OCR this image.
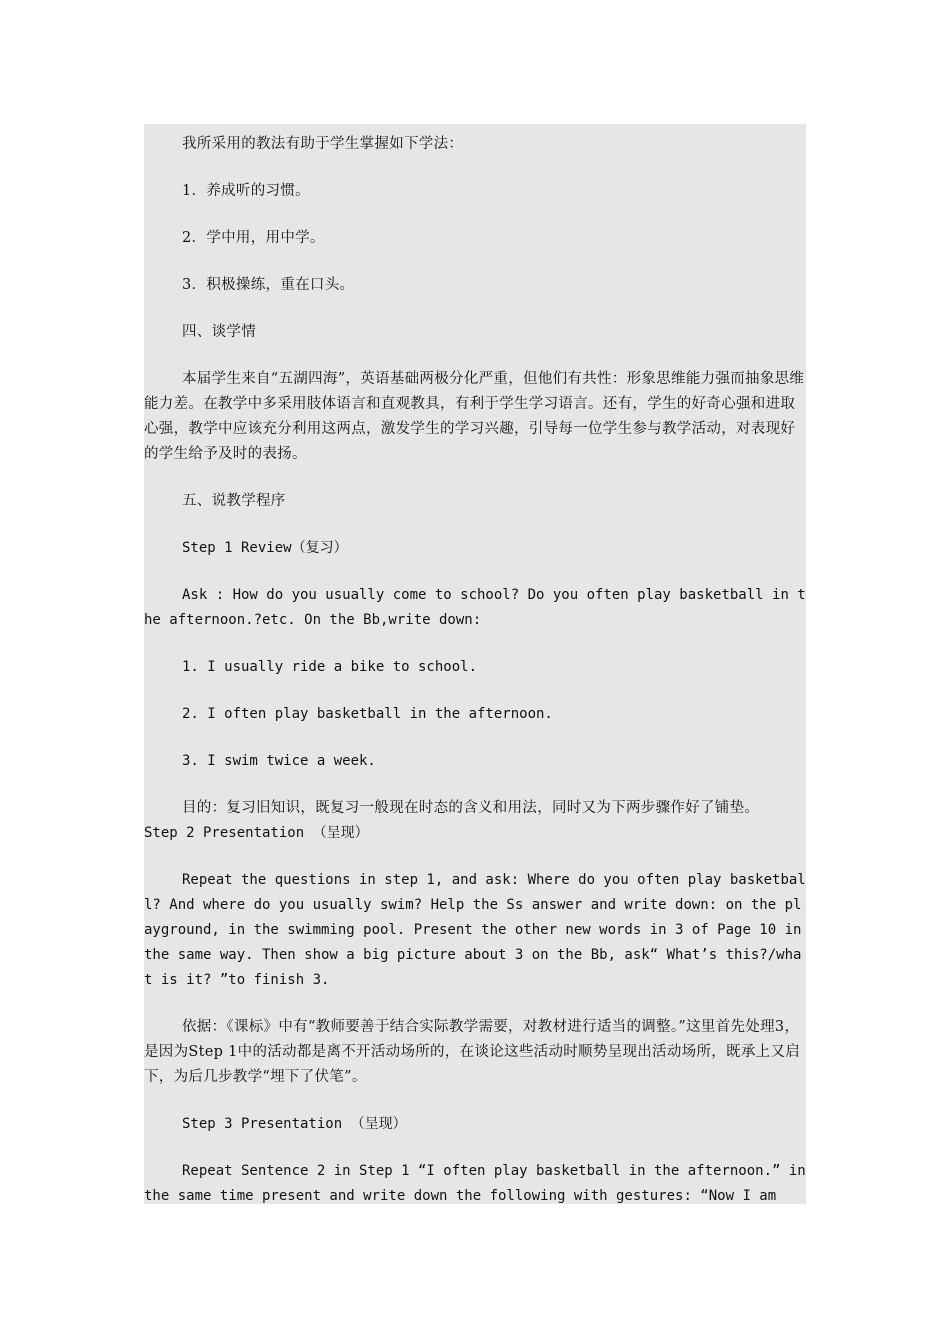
我所采用的教法有助于学生掌握如下学法：

1．养成听的习惯。

2．学中用，用中学。

3．积极操练，重在口头。

四、谈学情

本届学生来自“五湖四海”，英语基础两极分化严重，但他们有共性：形象思维能力强而抽象思维能力差。在教学中多采用肢体语言和直观教具，有利于学生学习语言。还有，学生的好奇心强和进取心强，教学中应该充分利用这两点，激发学生的学习兴趣，引导每一位学生参与教学活动，对表现好的学生给予及时的表扬。

五、说教学程序

Step 1 Review（复习）

Ask : How do you usually come to school? Do you often play basketball in the afternoon.?etc. On the Bb,write down:

1. I usually ride a bike to school.

2. I often play basketball in the afternoon.

3. I swim twice a week.

目的：复习旧知识，既复习一般现在时态的含义和用法，同时又为下两步骤作好了铺垫。

Step 2 Presentation （呈现）

Repeat the questions in step 1, and ask: Where do you often play basketball? And where do you usually swim? Help the Ss answer and write down: on the playground, in the swimming pool. Present the other new words in 3 of Page 10 in the same way. Then show a big picture about 3 on the Bb, ask“ What’s this?/what is it? ”to finish 3.

依据：《课标》中有“教师要善于结合实际教学需要，对教材进行适当的调整。”这里首先处理3，是因为Step 1中的活动都是离不开活动场所的，在谈论这些活动时顺势呈现出活动场所，既承上又启下，为后几步教学“埋下了伏笔”。

Step 3 Presentation （呈现）

Repeat Sentence 2 in Step 1 “I often play basketball in the afternoon.” in the same time present and write down the following with gestures: “Now I am
